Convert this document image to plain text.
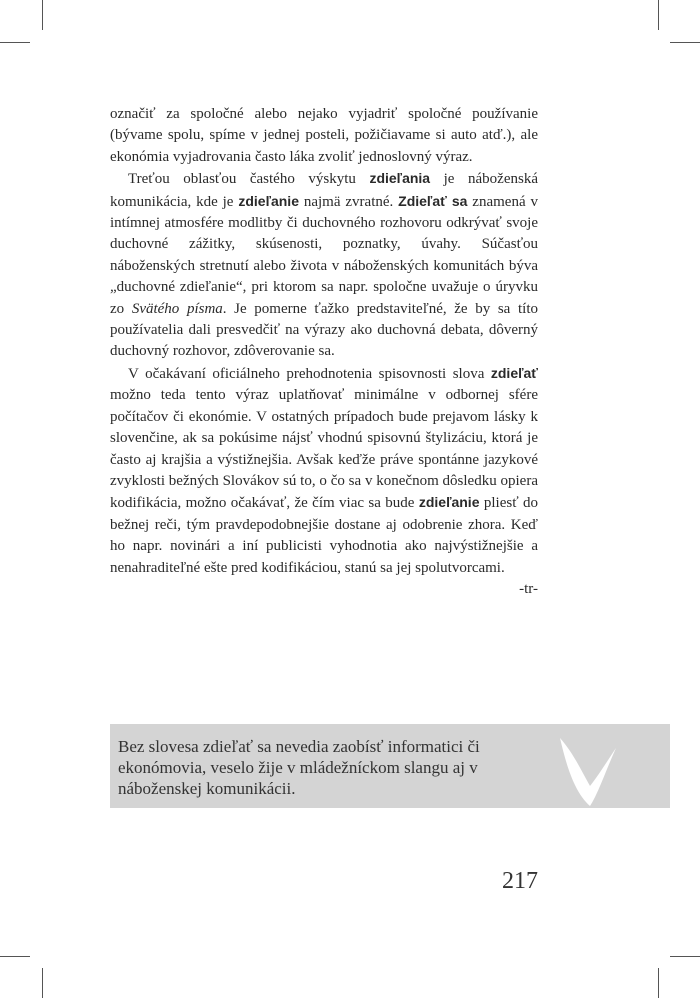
označiť za spoločné alebo nejako vyjadriť spoločné používanie (bývame spolu, spíme v jednej posteli, požičiavame si auto atď.), ale ekonómia vyjadrovania často láka zvoliť jednoslovný výraz.

Treťou oblasťou častého výskytu zdieľania je náboženská komunikácia, kde je zdieľanie najmä zvratné. Zdieľať sa znamená v intímnej atmosfére modlitby či duchovného rozhovoru odkrývať svoje duchovné zážitky, skúsenosti, poznatky, úvahy. Súčasťou náboženských stretnutí alebo života v náboženských komunitách býva „duchovné zdieľanie“, pri ktorom sa napr. spoločne uvažuje o úryvku zo Svätého písma. Je pomerne ťažko predstaviteľné, že by sa títo používatelia dali presvedčiť na výrazy ako duchovná debata, dôverný duchovný rozhovor, zdôverovanie sa.

V očakávaní oficiálneho prehodnotenia spisovnosti slova zdieľať možno teda tento výraz uplatňovať minimálne v odbornej sfére počítačov či ekonómie. V ostatných prípadoch bude prejavom lásky k slovenčine, ak sa pokúsime nájsť vhodnú spisovnú štylizáciu, ktorá je často aj krajšia a výstižnejšia. Avšak keďže práve spontánne jazykové zvyklosti bežných Slovákov sú to, o čo sa v konečnom dôsledku opiera kodifikácia, možno očakávať, že čím viac sa bude zdieľanie pliesť do bežnej reči, tým pravdepodobnejšie dostane aj odobrenie zhora. Keď ho napr. novinári a iní publicisti vyhodnotia ako najvýstižnejšie a nenahraditeľné ešte pred kodifikáciou, stanú sa jej spolutvorcami.

-tr-

Bez slovesa zdieľať sa nevedia zaobísť informatici či ekonómovia, veselo žije v mládežníckom slangu aj v náboženskej komunikácii.
217
